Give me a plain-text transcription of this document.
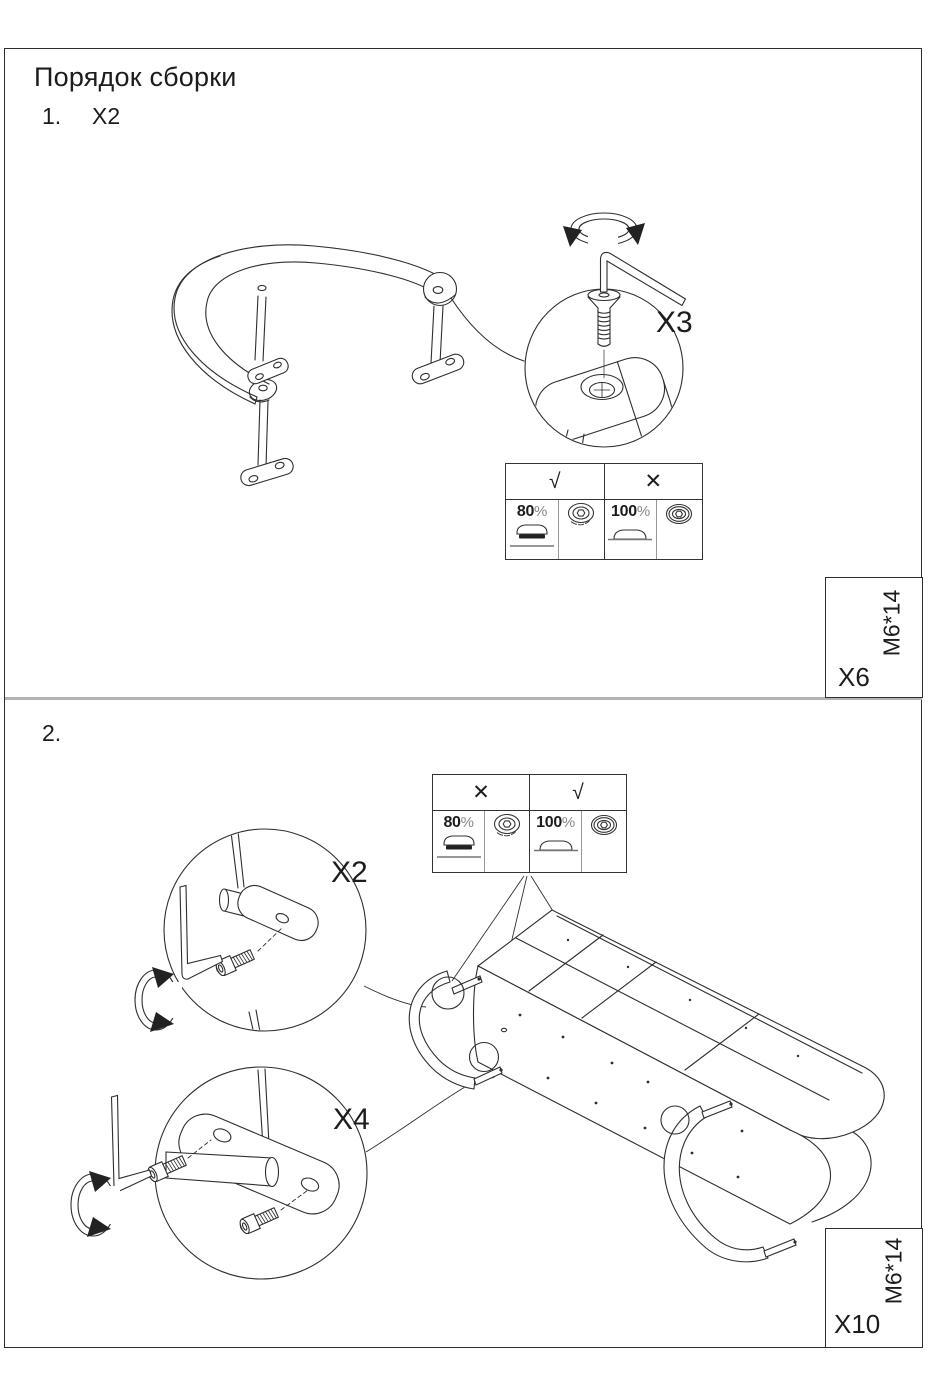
Порядок сборки
1. X2
2.
X3
X2
X4
√	✕
80%	100%
✕	√
80%	100%
M6*14
X6
M6*14
X10
